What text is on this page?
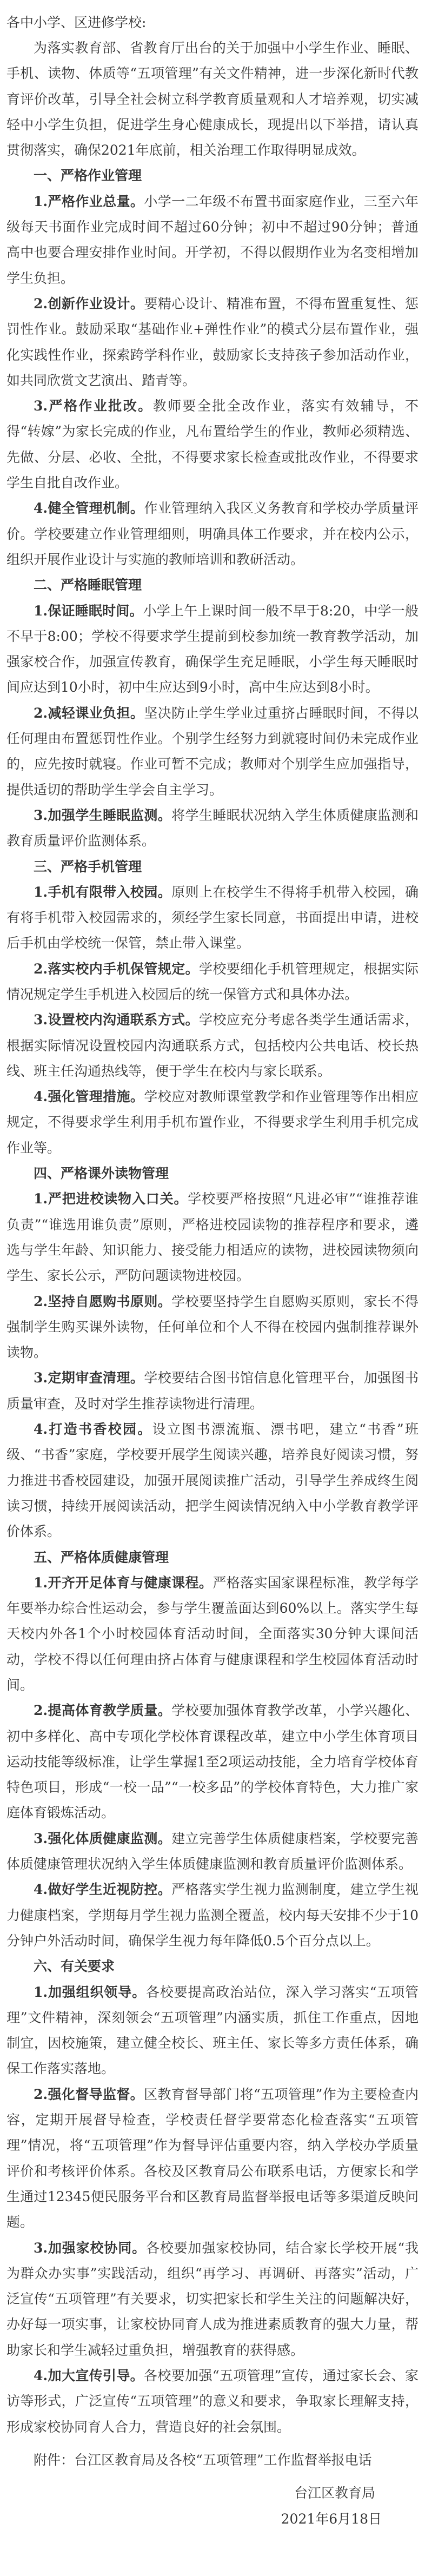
各中小学、区进修学校:

为落实教育部、省教育厅出台的关于加强中小学生作业、睡眠、手机、读物、体质等“五项管理”有关文件精神，进一步深化新时代教育评价改革，引导全社会树立科学教育质量观和人才培养观，切实减轻中小学生负担，促进学生身心健康成长，现提出以下举措，请认真贯彻落实，确保2021年底前，相关治理工作取得明显成效。

一、严格作业管理

1.严格作业总量。小学一二年级不布置书面家庭作业，三至六年级每天书面作业完成时间不超过60分钟；初中不超过90分钟；普通高中也要合理安排作业时间。开学初，不得以假期作业为名变相增加学生负担。

2.创新作业设计。要精心设计、精准布置，不得布置重复性、惩罚性作业。鼓励采取“基础作业+弹性作业”的模式分层布置作业，强化实践性作业，探索跨学科作业，鼓励家长支持孩子参加活动作业，如共同欣赏文艺演出、踏青等。

3.严格作业批改。教师要全批全改作业，落实有效辅导，不得“转嫁”为家长完成的作业，凡布置给学生的作业，教师必须精选、先做、分层、必收、全批，不得要求家长检查或批改作业，不得要求学生自批自改作业。

4.健全管理机制。作业管理纳入我区义务教育和学校办学质量评价。学校要建立作业管理细则，明确具体工作要求，并在校内公示，组织开展作业设计与实施的教师培训和教研活动。

二、严格睡眠管理

1.保证睡眠时间。小学上午上课时间一般不早于8:20，中学一般不早于8:00；学校不得要求学生提前到校参加统一教育教学活动，加强家校合作，加强宣传教育，确保学生充足睡眠，小学生每天睡眠时间应达到10小时，初中生应达到9小时，高中生应达到8小时。

2.减轻课业负担。坚决防止学生学业过重挤占睡眠时间，不得以任何理由布置惩罚性作业。个别学生经努力到就寝时间仍未完成作业的，应先按时就寝。作业可暂不完成；教师对个别学生应加强指导，提供适切的帮助学生学会自主学习。

3.加强学生睡眠监测。将学生睡眠状况纳入学生体质健康监测和教育质量评价监测体系。

三、严格手机管理

1.手机有限带入校园。原则上在校学生不得将手机带入校园，确有将手机带入校园需求的，须经学生家长同意，书面提出申请，进校后手机由学校统一保管，禁止带入课堂。

2.落实校内手机保管规定。学校要细化手机管理规定，根据实际情况规定学生手机进入校园后的统一保管方式和具体办法。

3.设置校内沟通联系方式。学校应充分考虑各类学生通话需求，根据实际情况设置校园内沟通联系方式，包括校内公共电话、校长热线、班主任沟通热线等，便于学生在校内与家长联系。

4.强化管理措施。学校应对教师课堂教学和作业管理等作出相应规定，不得要求学生利用手机布置作业，不得要求学生利用手机完成作业等。

四、严格课外读物管理

1.严把进校读物入口关。学校要严格按照“凡进必审”“谁推荐谁负责”“谁选用谁负责”原则，严格进校园读物的推荐程序和要求，遴选与学生年龄、知识能力、接受能力相适应的读物，进校园读物须向学生、家长公示，严防问题读物进校园。

2.坚持自愿购书原则。学校要坚持学生自愿购买原则，家长不得强制学生购买课外读物，任何单位和个人不得在校园内强制推荐课外读物。

3.定期审查清理。学校要结合图书馆信息化管理平台，加强图书质量审查，及时对学生推荐读物进行清理。

4.打造书香校园。设立图书漂流瓶、漂书吧，建立“书香”班级、“书香”家庭，学校要开展学生阅读兴趣，培养良好阅读习惯，努力推进书香校园建设，加强开展阅读推广活动，引导学生养成终生阅读习惯，持续开展阅读活动，把学生阅读情况纳入中小学教育教学评价体系。

五、严格体质健康管理

1.开齐开足体育与健康课程。严格落实国家课程标准，教学每学年要举办综合性运动会，参与学生覆盖面达到60%以上。落实学生每天校内外各1个小时校园体育活动时间，全面落实30分钟大课间活动，学校不得以任何理由挤占体育与健康课程和学生校园体育活动时间。

2.提高体育教学质量。学校要加强体育教学改革，小学兴趣化、初中多样化、高中专项化学校体育课程改革，建立中小学生体育项目运动技能等级标准，让学生掌握1至2项运动技能，全力培育学校体育特色项目，形成“一校一品”“一校多品”的学校体育特色，大力推广家庭体育锻炼活动。

3.强化体质健康监测。建立完善学生体质健康档案，学校要完善体质健康管理状况纳入学生体质健康监测和教育质量评价监测体系。

4.做好学生近视防控。严格落实学生视力监测制度，建立学生视力健康档案，学期每月学生视力监测全覆盖，校内每天安排不少于10分钟户外活动时间，确保学生视力每年降低0.5个百分点以上。

六、有关要求

1.加强组织领导。各校要提高政治站位，深入学习落实“五项管理”文件精神，深刻领会“五项管理”内涵实质，抓住工作重点，因地制宜，因校施策，建立健全校长、班主任、家长等多方责任体系，确保工作落实落地。

2.强化督导监督。区教育督导部门将“五项管理”作为主要检查内容，定期开展督导检查，学校责任督学要常态化检查落实“五项管理”情况，将“五项管理”作为督导评估重要内容，纳入学校办学质量评价和考核评价体系。各校及区教育局公布联系电话，方便家长和学生通过12345便民服务平台和区教育局监督举报电话等多渠道反映问题。

3.加强家校协同。各校要加强家校协同，结合家长学校开展“我为群众办实事”实践活动，组织“再学习、再调研、再落实”活动，广泛宣传“五项管理”有关要求，切实把家长和学生关注的问题解决好，办好每一项实事，让家校协同育人成为推进素质教育的强大力量，帮助家长和学生减轻过重负担，增强教育的获得感。

4.加大宣传引导。各校要加强“五项管理”宣传，通过家长会、家访等形式，广泛宣传“五项管理”的意义和要求，争取家长理解支持，形成家校协同育人合力，营造良好的社会氛围。

附件：台江区教育局及各校“五项管理”工作监督举报电话

台江区教育局

2021年6月18日
